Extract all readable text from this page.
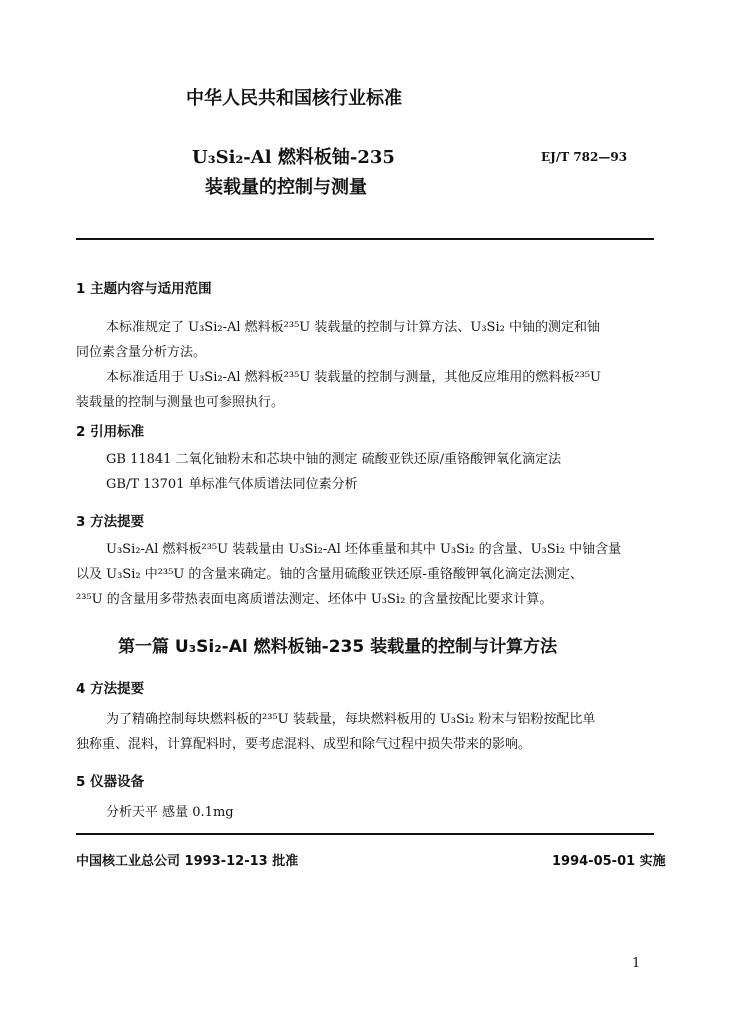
中华人民共和国核行业标准
U₃Si₂-Al 燃料板铀-235
装载量的控制与测量
EJ/T 782—93
1 主题内容与适用范围
本标准规定了 U₃Si₂-Al 燃料板²³⁵U 装载量的控制与计算方法、U₃Si₂ 中铀的测定和铀
同位素含量分析方法。
本标准适用于 U₃Si₂-Al 燃料板²³⁵U 装载量的控制与测量，其他反应堆用的燃料板²³⁵U
装载量的控制与测量也可参照执行。
2 引用标准
GB 11841 二氧化铀粉末和芯块中铀的测定 硫酸亚铁还原/重铬酸钾氧化滴定法
GB/T 13701 单标准气体质谱法同位素分析
3 方法提要
U₃Si₂-Al 燃料板²³⁵U 装载量由 U₃Si₂-Al 坯体重量和其中 U₃Si₂ 的含量、U₃Si₂ 中铀含量
以及 U₃Si₂ 中²³⁵U 的含量来确定。铀的含量用硫酸亚铁还原-重铬酸钾氧化滴定法测定、
²³⁵U 的含量用多带热表面电离质谱法测定、坯体中 U₃Si₂ 的含量按配比要求计算。
第一篇 U₃Si₂-Al 燃料板铀-235 装载量的控制与计算方法
4 方法提要
为了精确控制每块燃料板的²³⁵U 装载量，每块燃料板用的 U₃Si₂ 粉末与铝粉按配比单
独称重、混料，计算配料时，要考虑混料、成型和除气过程中损失带来的影响。
5 仪器设备
分析天平 感量 0.1mg
中国核工业总公司 1993-12-13 批准	1994-05-01 实施
1
